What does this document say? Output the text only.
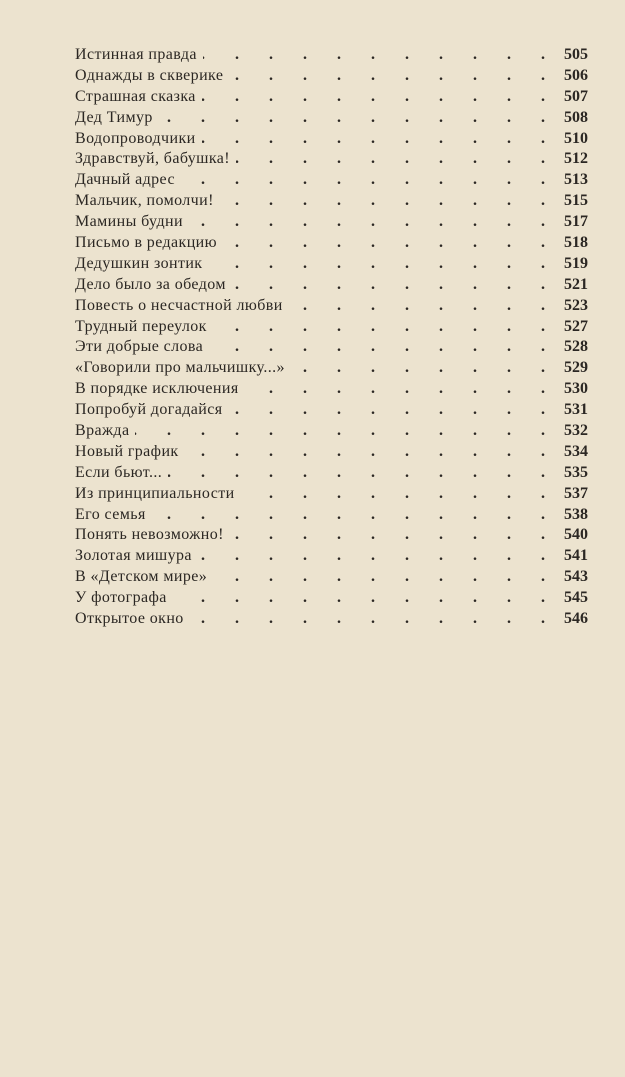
Истинная правда . . .	505
Однажды в скверике . . .	506
Страшная сказка . . .	507
Дед Тимур . . .	508
Водопроводчики . . .	510
Здравствуй, бабушка! . . .	512
Дачный адрес . . .	513
Мальчик, помолчи! . . .	515
Мамины будни . . .	517
Письмо в редакцию . . .	518
Дедушкин зонтик . . .	519
Дело было за обедом . . .	521
Повесть о несчастной любви . . .	523
Трудный переулок . . .	527
Эти добрые слова . . .	528
«Говорили про мальчишку...» . . .	529
В порядке исключения . . .	530
Попробуй догадайся . . .	531
Вражда . . .	532
Новый график . . .	534
Если бьют... . . .	535
Из принципиальности . . .	537
Его семья . . .	538
Понять невозможно! . . .	540
Золотая мишура . . .	541
В «Детском мире» . . .	543
У фотографа . . .	545
Открытое окно . . .	546
